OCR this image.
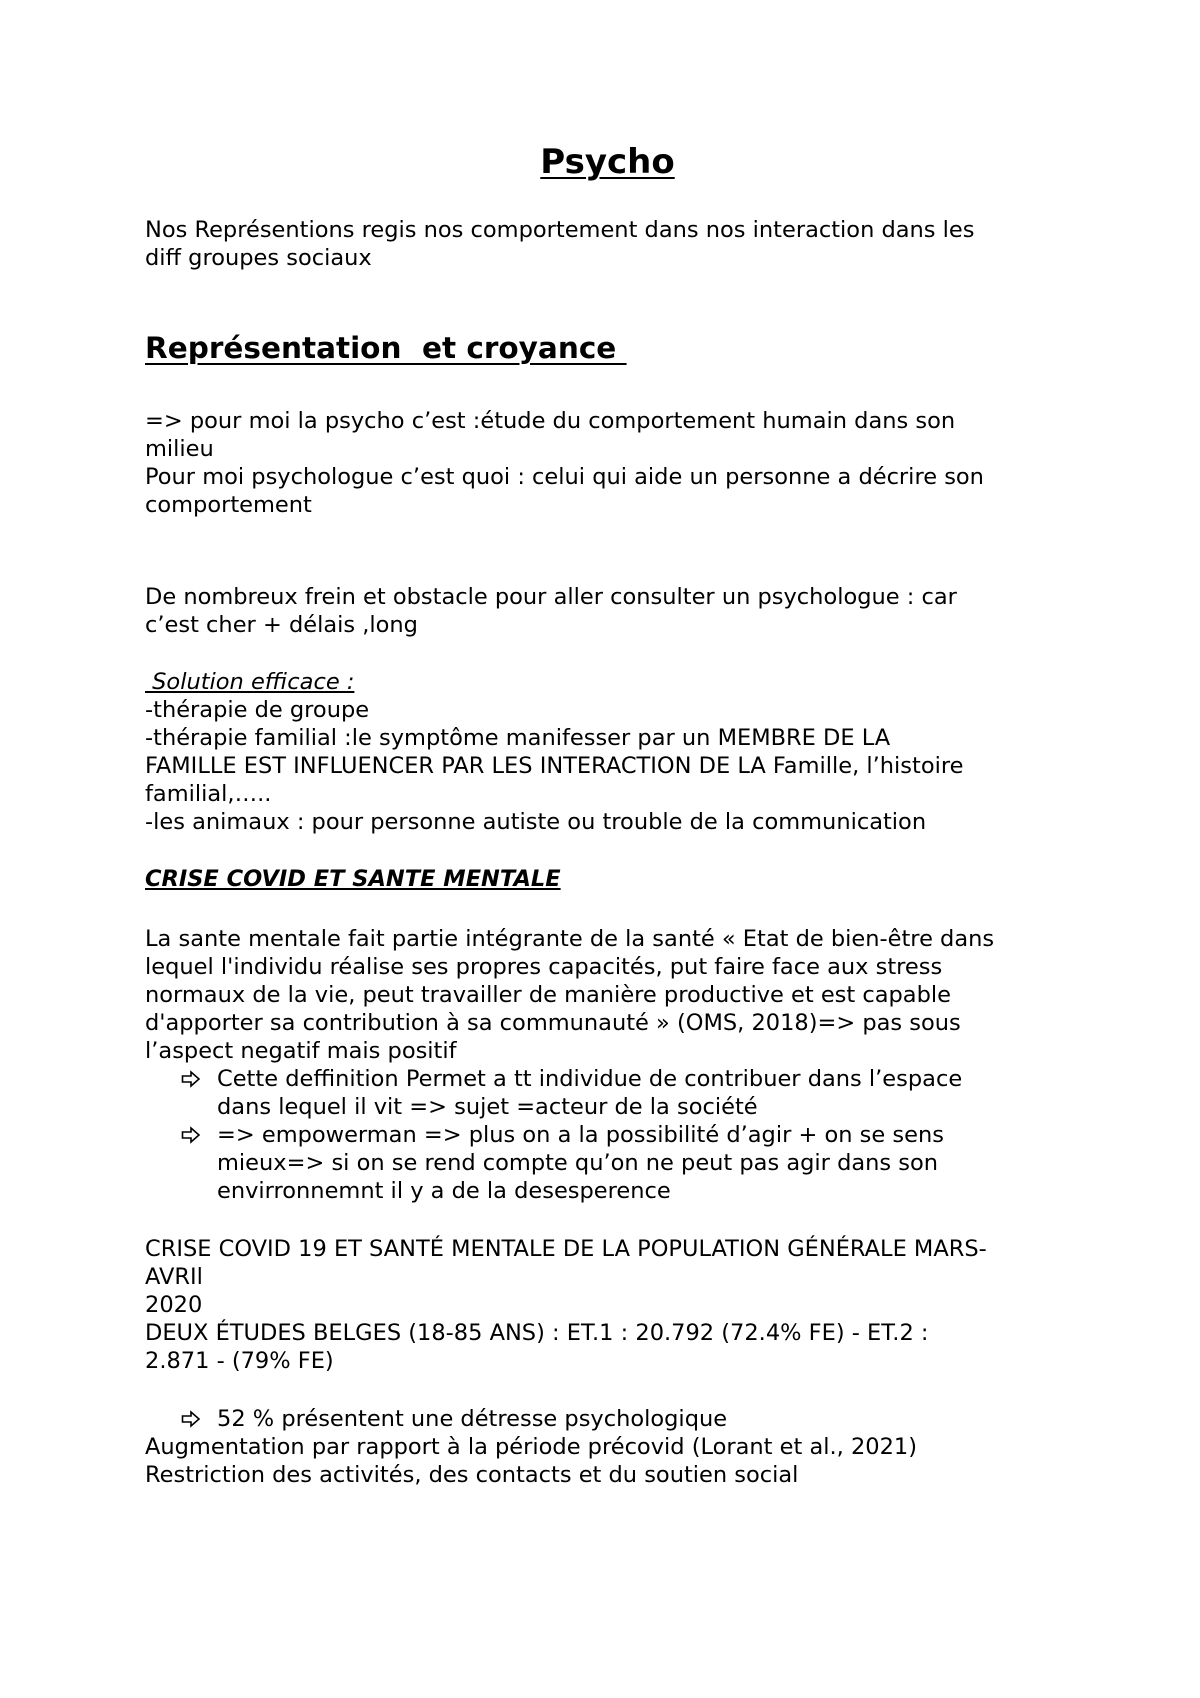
Psycho
Nos Représentions regis nos comportement dans nos interaction dans les
diff groupes sociaux
Représentation  et croyance
=> pour moi la psycho c’est :étude du comportement humain dans son
milieu
Pour moi psychologue c’est quoi : celui qui aide un personne a décrire son
comportement
De nombreux frein et obstacle pour aller consulter un psychologue : car
c’est cher + délais ,long
Solution efficace :
-thérapie de groupe
-thérapie familial :le symptôme manifesser par un MEMBRE DE LA
FAMILLE EST INFLUENCER PAR LES INTERACTION DE LA Famille, l’histoire
familial,…..
-les animaux : pour personne autiste ou trouble de la communication
CRISE COVID ET SANTE MENTALE
La sante mentale fait partie intégrante de la santé « Etat de bien-être dans
lequel l'individu réalise ses propres capacités, put faire face aux stress
normaux de la vie, peut travailler de manière productive et est capable
d'apporter sa contribution à sa communauté » (OMS, 2018)=> pas sous
l’aspect negatif mais positif
Cette deffinition Permet a tt individue de contribuer dans l’espace
dans lequel il vit => sujet =acteur de la société
=> empowerman => plus on a la possibilité d’agir + on se sens
mieux=> si on se rend compte qu’on ne peut pas agir dans son
envirronnemnt il y a de la desesperence
CRISE COVID 19 ET SANTÉ MENTALE DE LA POPULATION GÉNÉRALE MARS-
AVRIl
2020
DEUX ÉTUDES BELGES (18-85 ANS) : ET.1 : 20.792 (72.4% FE) - ET.2 :
2.871 - (79% FE)
52 % présentent une détresse psychologique
Augmentation par rapport à la période précovid (Lorant et al., 2021)
Restriction des activités, des contacts et du soutien social
